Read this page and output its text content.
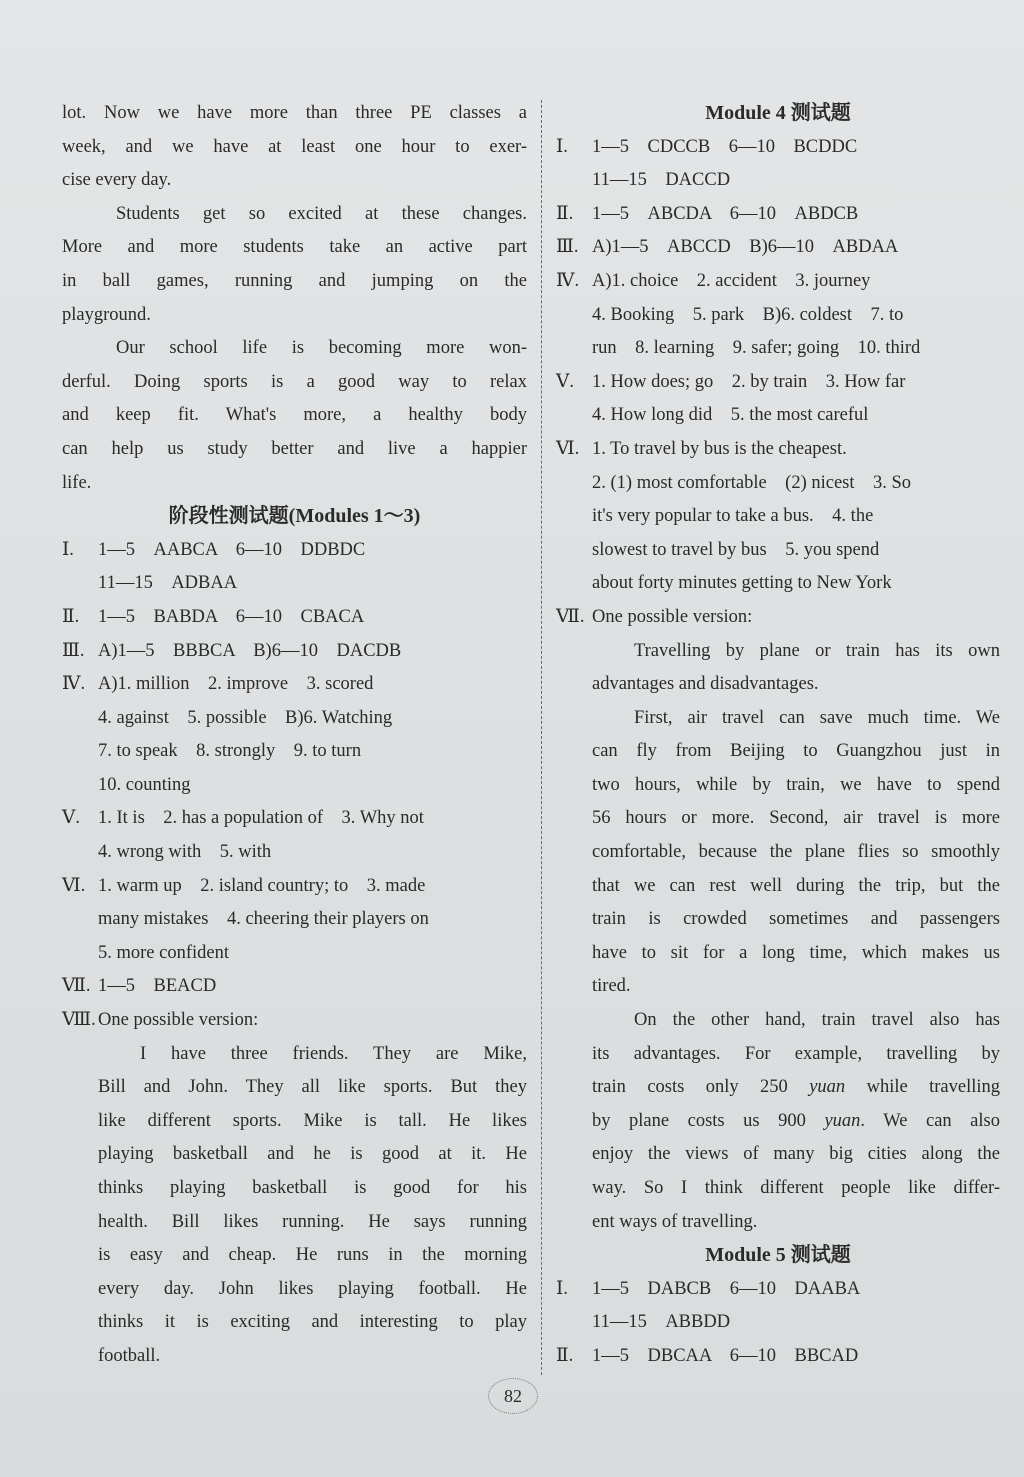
lot. Now we have more than three PE classes a
week, and we have at least one hour to exer-
cise every day.
Students get so excited at these changes.
More and more students take an active part
in ball games, running and jumping on the
playground.
Our school life is becoming more won-
derful. Doing sports is a good way to relax
and keep fit. What's more, a healthy body
can help us study better and live a happier
life.
阶段性测试题(Modules 1～3)
Ⅰ.	1—5　AABCA　6—10　DDBDC
11—15　ADBAA
Ⅱ.	1—5　BABDA　6—10　CBACA
Ⅲ. A)1—5　BBBCA　B)6—10　DACDB
Ⅳ. A)1. million　2. improve　3. scored
4. against　5. possible　B)6. Watching
7. to speak　8. strongly　9. to turn
10. counting
Ⅴ. 1. It is　2. has a population of　3. Why not
4. wrong with　5. with
Ⅵ. 1. warm up　2. island country; to　3. made
many mistakes　4. cheering their players on
5. more confident
Ⅶ. 1—5　BEACD
Ⅷ. One possible version:
I have three friends. They are Mike,
Bill and John. They all like sports. But they
like different sports. Mike is tall. He likes
playing basketball and he is good at it. He
thinks playing basketball is good for his
health. Bill likes running. He says running
is easy and cheap. He runs in the morning
every day. John likes playing football. He
thinks it is exciting and interesting to play
football.
Module 4 测试题
Ⅰ.	1—5　CDCCB　6—10　BCDDC
11—15　DACCD
Ⅱ.	1—5　ABCDA　6—10　ABDCB
Ⅲ. A)1—5　ABCCD　B)6—10　ABDAA
Ⅳ. A)1. choice　2. accident　3. journey
4. Booking　5. park　B)6. coldest　7. to
run　8. learning　9. safer; going　10. third
Ⅴ. 1. How does; go　2. by train　3. How far
4. How long did　5. the most careful
Ⅵ. 1. To travel by bus is the cheapest.
2. (1) most comfortable　(2) nicest　3. So
it's very popular to take a bus.　4. the
slowest to travel by bus　5. you spend
about forty minutes getting to New York
Ⅶ. One possible version:
Travelling by plane or train has its own
advantages and disadvantages.
First, air travel can save much time. We
can fly from Beijing to Guangzhou just in
two hours, while by train, we have to spend
56 hours or more. Second, air travel is more
comfortable, because the plane flies so smoothly
that we can rest well during the trip, but the
train is crowded sometimes and passengers
have to sit for a long time, which makes us
tired.
On the other hand, train travel also has
its advantages. For example, travelling by
train costs only 250 yuan while travelling
by plane costs us 900 yuan. We can also
enjoy the views of many big cities along the
way. So I think different people like differ-
ent ways of travelling.
Module 5 测试题
Ⅰ.	1—5　DABCB　6—10　DAABA
11—15　ABBDD
Ⅱ.	1—5　DBCAA　6—10　BBCAD
82
